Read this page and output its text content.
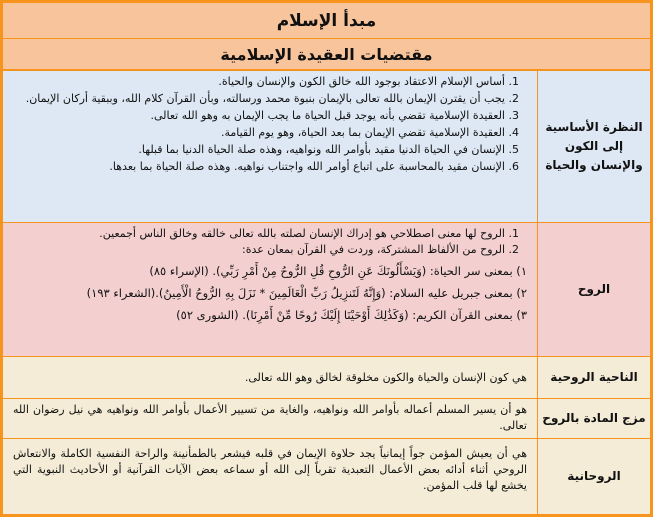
مبدأ الإسلام
مقتضيات العقيدة الإسلامية
النظرة الأساسية إلى الكون والإنسان والحياة
1. أساس الإسلام الاعتقاد بوجود الله خالق الكون والإنسان والحياة.
2. يجب أن يقترن الإيمان بالله تعالى بالإيمان بنبوة محمد ورسالته، وبأن القرآن كلام الله، وببقية أركان الإيمان.
3. العقيدة الإسلامية تقضي بأنه يوجد قبل الحياة ما يجب الإيمان به وهو الله تعالى.
4. العقيدة الإسلامية تقضي الإيمان بما بعد الحياة، وهو يوم القيامة.
5. الإنسان في الحياة الدنيا مقيد بأوامر الله ونواهيه، وهذه صلة الحياة الدنيا بما قبلها.
6. الإنسان مقيد بالمحاسبة على اتباع أوامر الله واجتناب نواهيه. وهذه صلة الحياة بما بعدها.
الروح
1. الروح لها معنى اصطلاحي هو إدراك الإنسان لصلته بالله تعالى خالقه وخالق الناس أجمعين.
2. الروح من الألفاظ المشتركة، وردت في القرآن بمعان عدة:
١) بمعنى سر الحياة: (وَيَسْأَلُونَكَ عَنِ الرُّوحِ قُلِ الرُّوحُ مِنْ أَمْرِ رَبِّي). (الإسراء ٨٥)
٢) بمعنى جبريل عليه السلام: (وَإِنَّهُ لَتَنزِيلُ رَبِّ الْعَالَمِينَ * نَزَلَ بِهِ الرُّوحُ الْأَمِينُ).(الشعراء ١٩٣)
٣) بمعنى القرآن الكريم: (وَكَذَٰلِكَ أَوْحَيْنَا إِلَيْكَ رُوحًا مِّنْ أَمْرِنَا). (الشورى ٥٢)
الناحية الروحية
هي كون الإنسان والحياة والكون مخلوقة لخالق وهو الله تعالى.
مزج المادة بالروح
هو أن يسير المسلم أعماله بأوامر الله ونواهيه، والغاية من تسيير الأعمال بأوامر الله ونواهيه هي نيل رضوان الله تعالى.
الروحانية
هي أن يعيش المؤمن جواً إيمانياً يجد حلاوة الإيمان في قلبه فيشعر بالطمأنينة والراحة النفسية الكاملة والانتعاش الروحي أثناء أدائه بعض الأعمال التعبدية تقرباً إلى الله أو سماعه بعض الآيات القرآنية أو الأحاديث النبوية التي يخشع لها قلب المؤمن.
